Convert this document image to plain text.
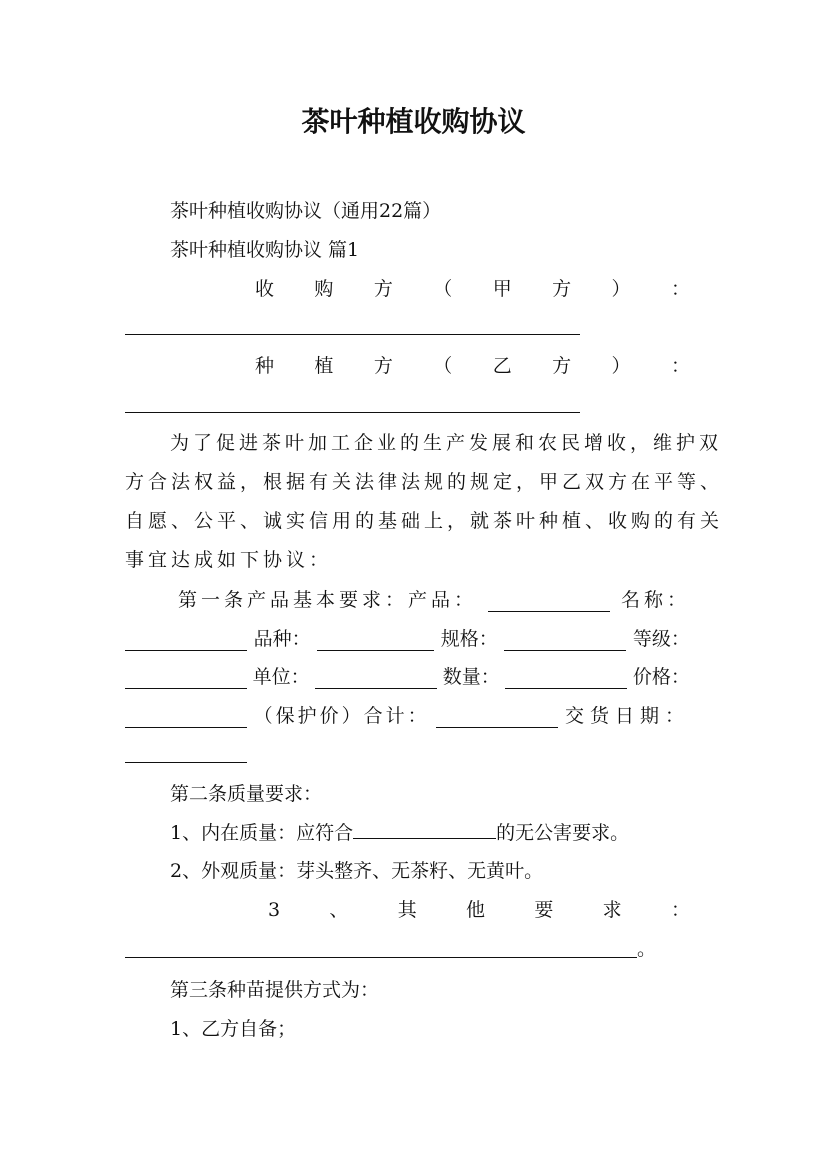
茶叶种植收购协议
茶叶种植收购协议（通用22篇）
茶叶种植收购协议 篇1
收 购 方 （ 甲 方 ） ：
种 植 方 （ 乙 方 ） ：
为了促进茶叶加工企业的生产发展和农民增收，维护双
方合法权益，根据有关法律法规的规定，甲乙双方在平等、
自愿、公平、诚实信用的基础上，就茶叶种植、收购的有关
事宜达成如下协议：
第一条产品基本要求：产品：	名称：
品种：	规格：	等级：
单位：	数量：	价格：
（保护价）合计：	交货日期：
第二条质量要求：
1、内在质量：应符合	的无公害要求。
2、外观质量：芽头整齐、无茶籽、无黄叶。
3	、	其	他	要	求	：
。
第三条种苗提供方式为：
1、乙方自备；
